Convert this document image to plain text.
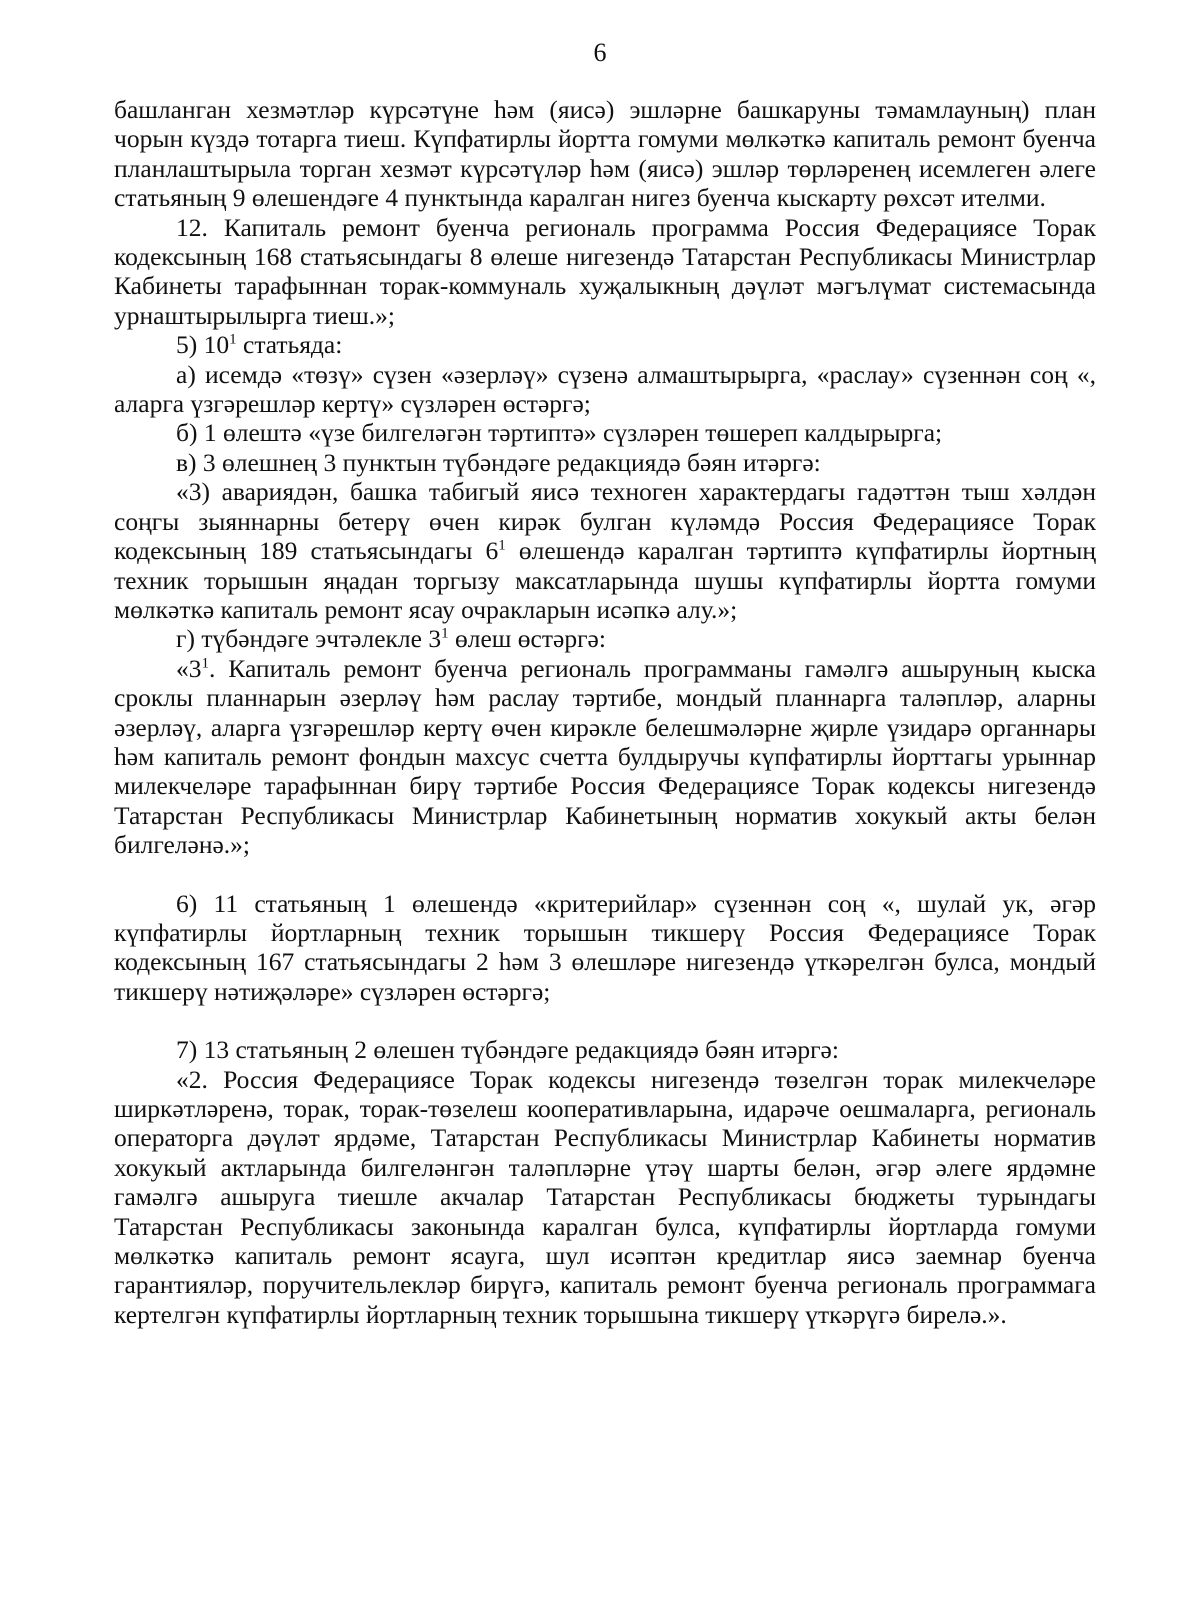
6

башланган хезмәтләр күрсәтүне һәм (яисә) эшләрне башкаруны тәмамлауның) план чорын күздә тотарга тиеш. Күпфатирлы йортта гомуми мөлкәткә капиталь ремонт буенча планлаштырыла торган хезмәт күрсәтүләр һәм (яисә) эшләр төрләренең исемлеген әлеге статьяның 9 өлешендәге 4 пунктында каралган нигез буенча кыскарту рөхсәт ителми.

12. Капиталь ремонт буенча региональ программа Россия Федерациясе Торак кодексының 168 статьясындагы 8 өлеше нигезендә Татарстан Республикасы Министрлар Кабинеты тарафыннан торак-коммуналь хуҗалыкның дәүләт мәгълүмат системасында урнаштырылырга тиеш.»;

5) $10^1$ статьяда:

а) исемдә «төзү» сүзен «әзерләү» сүзенә алмаштырырга, «раслау» сүзеннән соң «, аларга үзгәрешләр кертү» сүзләрен өстәргә;

б) 1 өлештә «үзе билгеләгән тәртиптә» сүзләрен төшереп калдырырга;

в) 3 өлешнең 3 пунктын түбәндәге редакциядә бәян итәргә:

«3) авариядән, башка табигый яисә техноген характердагы гадәттән тыш хәлдән соңгы зыяннарны бетерү өчен кирәк булган күләмдә Россия Федерациясе Торак кодексының 189 статьясындагы $6^1$ өлешендә каралган тәртиптә күпфатирлы йортның техник торышын яңадан торгызу максатларында шушы күпфатирлы йортта гомуми мөлкәткә капиталь ремонт ясау очракларын исәпкә алу.»;

г) түбәндәге эчтәлекле $3^1$ өлеш өстәргә:

«$3^1$. Капиталь ремонт буенча региональ программаны гамәлгә ашыруның кыска сроклы планнарын әзерләү һәм раслау тәртибе, мондый планнарга таләпләр, аларны әзерләү, аларга үзгәрешләр кертү өчен кирәкле белешмәләрне җирле үзидарә органнары һәм капиталь ремонт фондын махсус счетта булдыручы күпфатирлы йорттагы урыннар милекчеләре тарафыннан бирү тәртибе Россия Федерациясе Торак кодексы нигезендә Татарстан Республикасы Министрлар Кабинетының норматив хокукый акты белән билгеләнә.»;

6) 11 статьяның 1 өлешендә «критерийлар» сүзеннән соң «, шулай ук, әгәр күпфатирлы йортларның техник торышын тикшерү Россия Федерациясе Торак кодексының 167 статьясындагы 2 һәм 3 өлешләре нигезендә үткәрелгән булса, мондый тикшерү нәтиҗәләре» сүзләрен өстәргә;

7) 13 статьяның 2 өлешен түбәндәге редакциядә бәян итәргә:

«2. Россия Федерациясе Торак кодексы нигезендә төзелгән торак милекчеләре ширкәтләренә, торак, торак-төзелеш кооперативларына, идарәче оешмаларга, региональ операторга дәүләт ярдәме, Татарстан Республикасы Министрлар Кабинеты норматив хокукый актларында билгеләнгән таләпләрне үтәү шарты белән, әгәр әлеге ярдәмне гамәлгә ашыруга тиешле акчалар Татарстан Республикасы бюджеты турындагы Татарстан Республикасы законында каралган булса, күпфатирлы йортларда гомуми мөлкәткә капиталь ремонт ясауга, шул исәптән кредитлар яисә заемнар буенча гарантияләр, поручительлекләр бирүгә, капиталь ремонт буенча региональ программага кертелгән күпфатирлы йортларның техник торышына тикшерү үткәрүгә бирелә.».
